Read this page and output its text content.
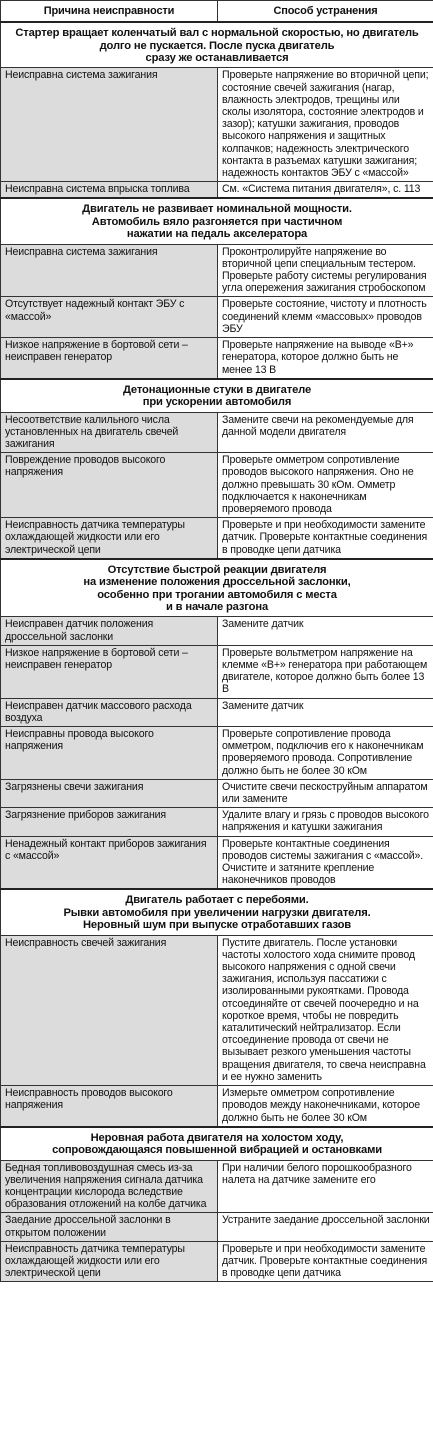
Причина неисправности	Способ устранения

Стартер вращает коленчатый вал с нормальной скоростью, но двигатель
долго не пускается. После пуска двигатель
сразу же останавливается	

Неисправна система зажигания	Проверьте напряжение во вторичной цепи; состояние свечей зажигания (нагар, влажность электродов, трещины или сколы изолятора, состояние электродов и зазор); катушки зажигания, проводов высокого напряжения и защитных колпачков; надежность электрического контакта в разъемах катушки зажигания; надежность контактов ЭБУ с «массой»
Неисправна система впрыска топлива	См. «Система питания двигателя», с. 113

Двигатель не развивает номинальной мощности.
Автомобиль вяло разгоняется при частичном
нажатии на педаль акселератора	

Неисправна система зажигания	Проконтролируйте напряжение во вторичной цепи специальным тестером. Проверьте работу системы регулирования угла опережения зажигания стробоскопом
Отсутствует надежный контакт ЭБУ с «массой»	Проверьте состояние, чистоту и плотность соединений клемм «массовых» проводов ЭБУ
Низкое напряжение в бортовой сети – неисправен генератор	Проверьте напряжение на выводе «В+» генератора, которое должно быть не менее 13 В

Детонационные стуки в двигателе
при ускорении автомобиля	

Несоответствие калильного числа установленных на двигатель свечей зажигания	Замените свечи на рекомендуемые для данной модели двигателя
Повреждение проводов высокого напряжения	Проверьте омметром сопротивление проводов высокого напряжения. Оно не должно превышать 30 кОм. Омметр подключается к наконечникам проверяемого провода
Неисправность датчика температуры охлаждающей жидкости или его электрической цепи	Проверьте и при необходимости замените датчик. Проверьте контактные соединения в проводке цепи датчика

Отсутствие быстрой реакции двигателя
на изменение положения дроссельной заслонки,
особенно при трогании автомобиля с места
и в начале разгона	

Неисправен датчик положения дроссельной заслонки	Замените датчик
Низкое напряжение в бортовой сети – неисправен генератор	Проверьте вольтметром напряжение на клемме «В+» генератора при работающем двигателе, которое должно быть более 13 В
Неисправен датчик массового расхода воздуха	Замените датчик
Неисправны провода высокого напряжения	Проверьте сопротивление провода омметром, подключив его к наконечникам проверяемого провода. Сопротивление должно быть не более 30 кОм
Загрязнены свечи зажигания	Очистите свечи пескоструйным аппаратом или замените
Загрязнение приборов зажигания	Удалите влагу и грязь с проводов высокого напряжения и катушки зажигания
Ненадежный контакт приборов зажигания с «массой»	Проверьте контактные соединения проводов системы зажигания с «массой». Очистите и затяните крепление наконечников проводов

Двигатель работает с перебоями.
Рывки автомобиля при увеличении нагрузки двигателя.
Неровный шум при выпуске отработавших газов	

Неисправность свечей зажигания	Пустите двигатель. После установки частоты холостого хода снимите провод высокого напряжения с одной свечи зажигания, используя пассатижи с изолированными рукоятками. Провода отсоединяйте от свечей поочередно и на короткое время, чтобы не повредить каталитический нейтрализатор. Если отсоединение провода от свечи не вызывает резкого уменьшения частоты вращения двигателя, то свеча неисправна и ее нужно заменить
Неисправность проводов высокого напряжения	Измерьте омметром сопротивление проводов между наконечниками, которое должно быть не более 30 кОм

Неровная работа двигателя на холостом ходу,
сопровождающаяся повышенной вибрацией и остановками	

Бедная топливовоздушная смесь из-за увеличения напряжения сигнала датчика концентрации кислорода вследствие образования отложений на колбе датчика	При наличии белого порошкообразного налета на датчике замените его
Заедание дроссельной заслонки в открытом положении	Устраните заедание дроссельной заслонки
Неисправность датчика температуры охлаждающей жидкости или его электрической цепи	Проверьте и при необходимости замените датчик. Проверьте контактные соединения в проводке цепи датчика
